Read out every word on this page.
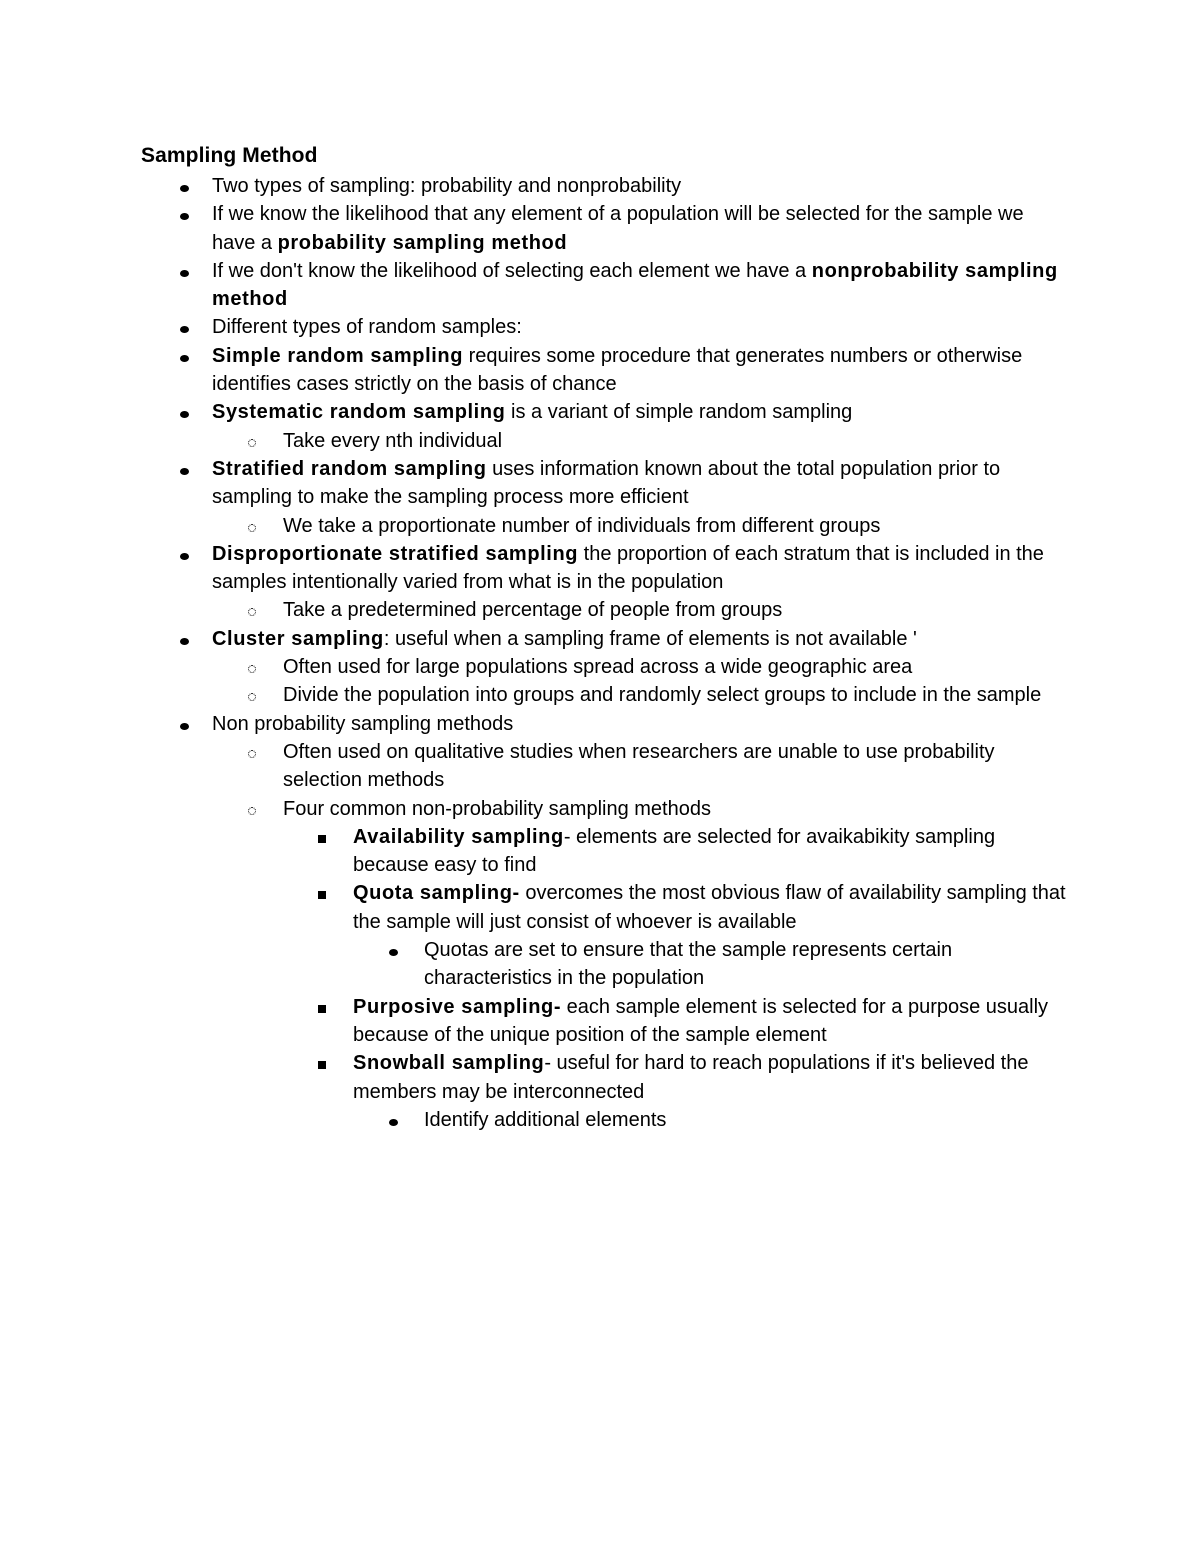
Sampling Method
Two types of sampling: probability and nonprobability
If we know the likelihood that any element of a population will be selected for the sample we have a probability sampling method
If we don't know the likelihood of selecting each element we have a nonprobability sampling method
Different types of random samples:
Simple random sampling requires some procedure that generates numbers or otherwise identifies cases strictly on the basis of chance
Systematic random sampling is a variant of simple random sampling
Take every nth individual
Stratified random sampling uses information known about the total population prior to sampling to make the sampling process more efficient
We take a proportionate number of individuals from different groups
Disproportionate stratified sampling the proportion of each stratum that is included in the samples intentionally varied from what is in the population
Take a predetermined percentage of people from groups
Cluster sampling: useful when a sampling frame of elements is not available '
Often used for large populations spread across a wide geographic area
Divide the population into groups and randomly select groups to include in the sample
Non probability sampling methods
Often used on qualitative studies when researchers are unable to use probability selection methods
Four common non-probability sampling methods
Availability sampling- elements are selected for avaikabikity sampling because easy to find
Quota sampling- overcomes the most obvious flaw of availability sampling that the sample will just consist of whoever is available
Quotas are set to ensure that the sample represents certain characteristics in the population
Purposive sampling- each sample element is selected for a purpose usually because of the unique position of the sample element
Snowball sampling- useful for hard to reach populations if it's believed the members may be interconnected
Identify additional elements
